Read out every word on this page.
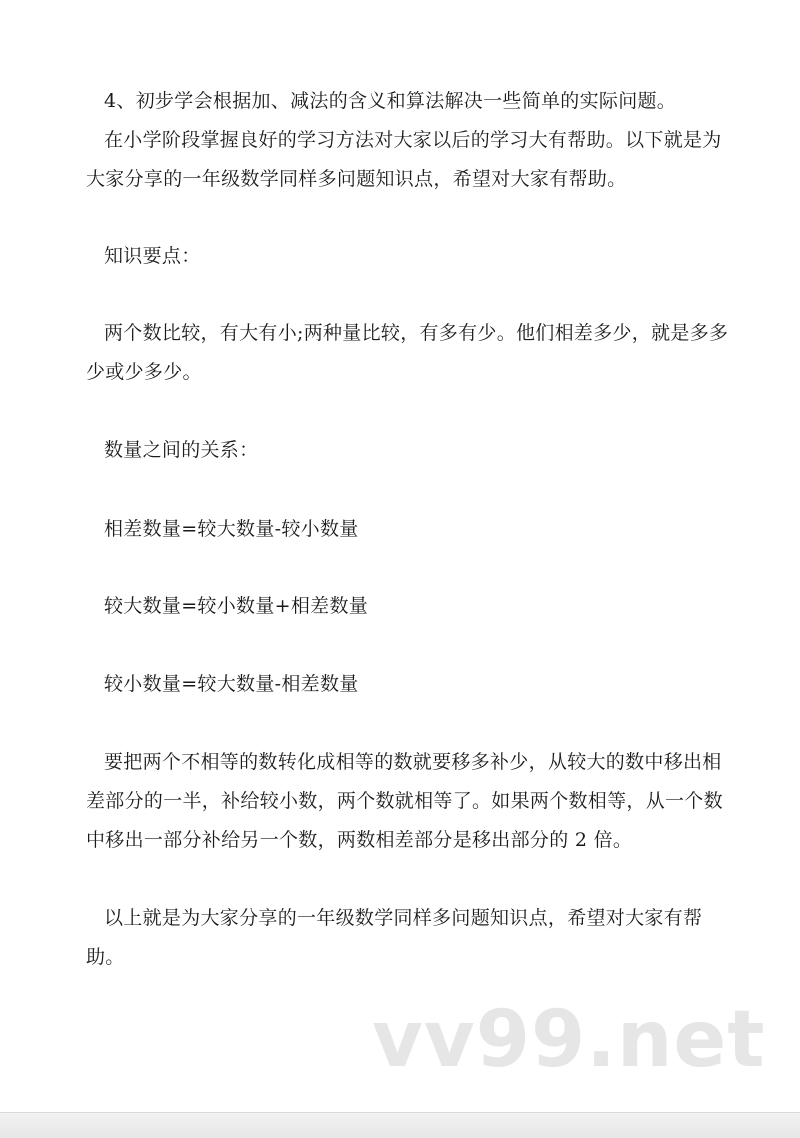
4、初步学会根据加、减法的含义和算法解决一些简单的实际问题。
在小学阶段掌握良好的学习方法对大家以后的学习大有帮助。以下就是为
大家分享的一年级数学同样多问题知识点，希望对大家有帮助。
知识要点：
两个数比较，有大有小;两种量比较，有多有少。他们相差多少，就是多多
少或少多少。
数量之间的关系：
相差数量=较大数量-较小数量
较大数量=较小数量+相差数量
较小数量=较大数量-相差数量
要把两个不相等的数转化成相等的数就要移多补少，从较大的数中移出相
差部分的一半，补给较小数，两个数就相等了。如果两个数相等，从一个数
中移出一部分补给另一个数，两数相差部分是移出部分的 2 倍。
以上就是为大家分享的一年级数学同样多问题知识点，希望对大家有帮
助。
vv99.net
